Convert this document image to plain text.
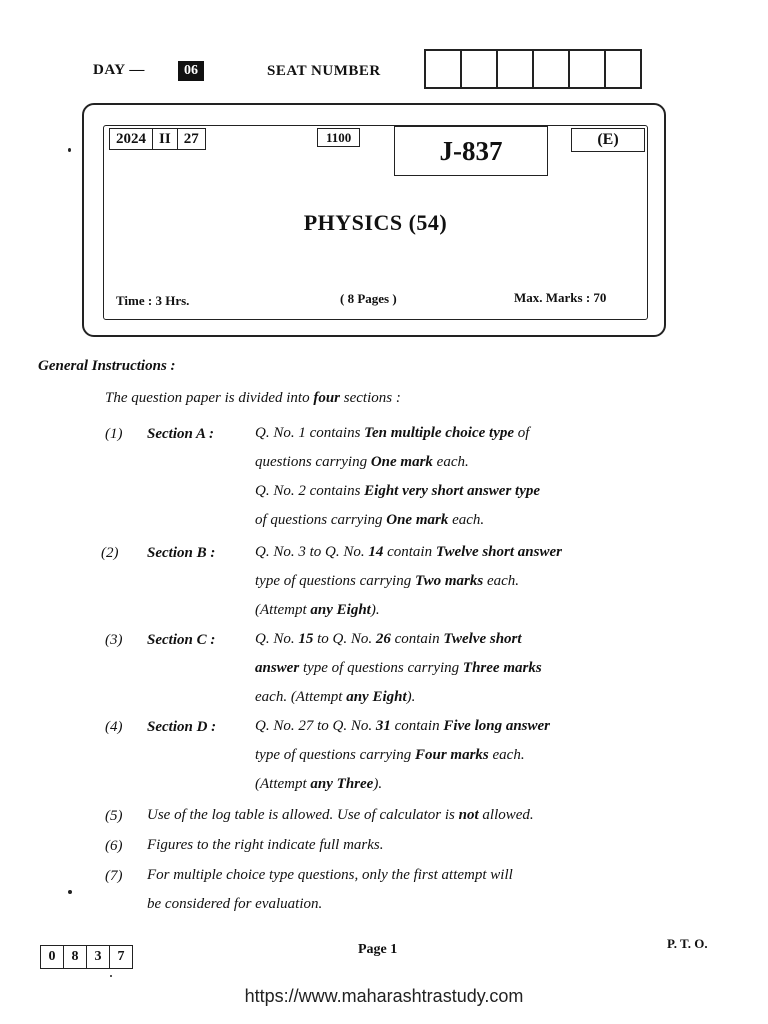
DAY —	06	SEAT NUMBER
2024 II 27	1100	J-837	(E)
PHYSICS (54)
Time : 3 Hrs.	( 8 Pages )	Max. Marks : 70
General Instructions :
The question paper is divided into four sections :
(1) Section A :	Q. No. 1 contains Ten multiple choice type of
questions carrying One mark each.
Q. No. 2 contains Eight very short answer type
of questions carrying One mark each.
(2) Section B :	Q. No. 3 to Q. No. 14 contain Twelve short answer
type of questions carrying Two marks each.
(Attempt any Eight).
(3) Section C :	Q. No. 15 to Q. No. 26 contain Twelve short
answer type of questions carrying Three marks
each. (Attempt any Eight).
(4) Section D :	Q. No. 27 to Q. No. 31 contain Five long answer
type of questions carrying Four marks each.
(Attempt any Three).
(5) Use of the log table is allowed. Use of calculator is not allowed.
(6) Figures to the right indicate full marks.
(7) For multiple choice type questions, only the first attempt will
be considered for evaluation.
0	8	3	7	Page 1	P. T. O.
https://www.maharashtrastudy.com
